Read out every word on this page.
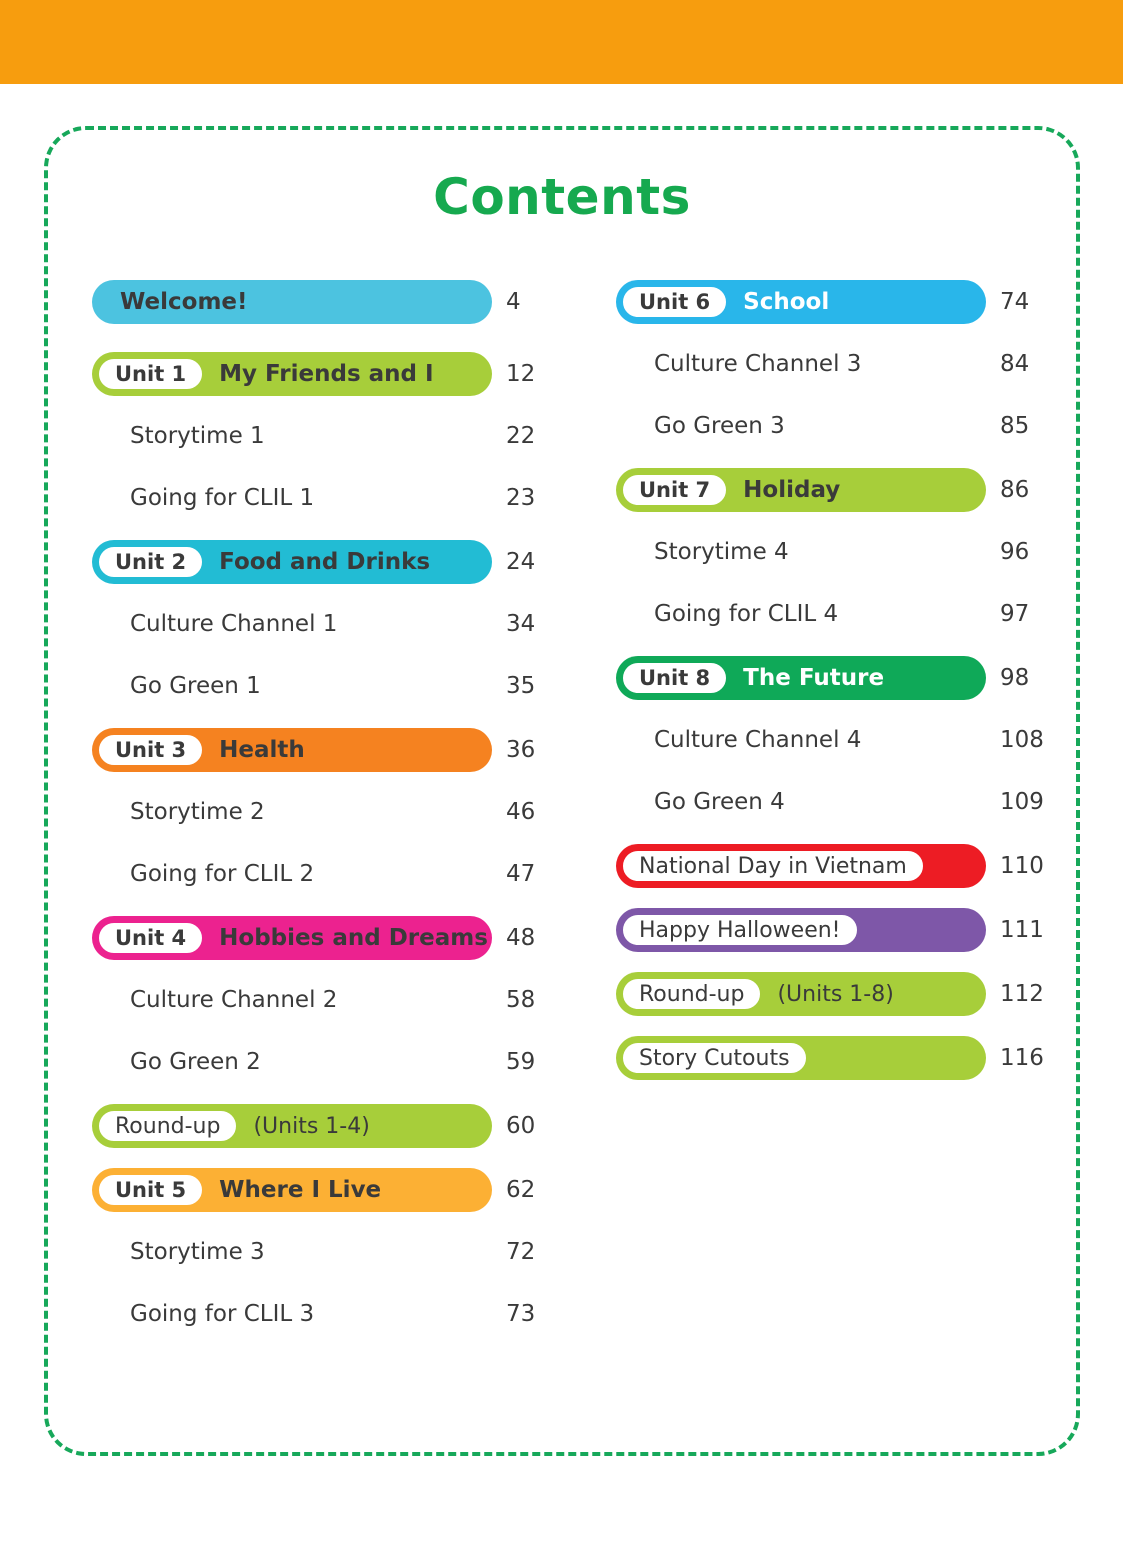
Contents
Welcome!	4
Unit 1	My Friends and I	12
Storytime 1	22
Going for CLIL 1	23
Unit 2	Food and Drinks	24
Culture Channel 1	34
Go Green 1	35
Unit 3	Health	36
Storytime 2	46
Going for CLIL 2	47
Unit 4	Hobbies and Dreams 48
Culture Channel 2	58
Go Green 2	59
Round-up	(Units 1-4)	60
Unit 5	Where I Live	62
Storytime 3	72
Going for CLIL 3	73
Unit 6	School	74
Culture Channel 3	84
Go Green 3	85
Unit 7	Holiday	86
Storytime 4	96
Going for CLIL 4	97
Unit 8	The Future	98
Culture Channel 4	108
Go Green 4	109
National Day in Vietnam	110
Happy Halloween!	111
Round-up	(Units 1-8)	112
Story Cutouts	116
